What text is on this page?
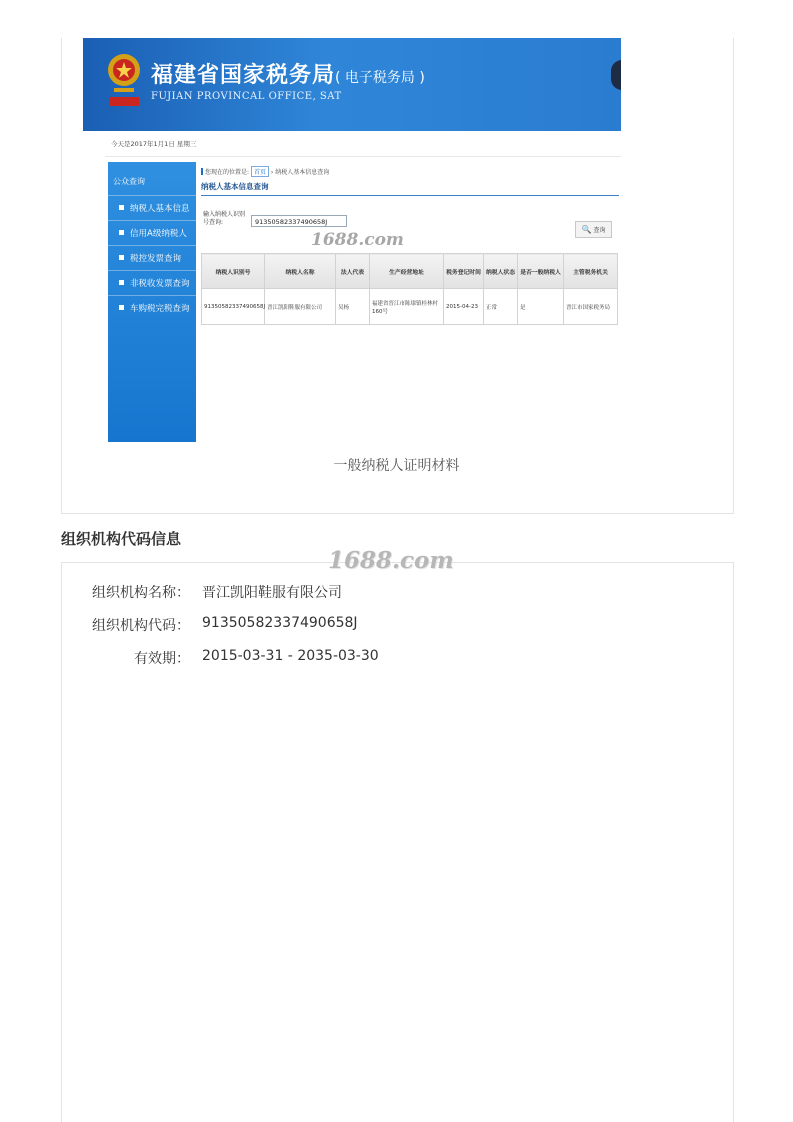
福建省国家税务局( 电子税务局 )
FUJIAN PROVINCAL OFFICE, SAT
今天是2017年1月1日 星期三
公众查询
纳税人基本信息
信用A级纳税人
税控发票查询
非税收发票查询
车购税完税查询
您现在的位置是: 首页 › 纳税人基本信息查询
纳税人基本信息查询
输入纳税人识别号查询:	91350582337490658J
🔍 查询
纳税人识别号	纳税人名称	法人代表	生产经营地址	税务登记时间	纳税人状态	是否一般纳税人	主管税务机关
91350582337490658J	晋江凯阳鞋服有限公司	吴杨	福建省晋江市陈埭镇桂林村160号	2015-04-23	正常	是	晋江市国家税务局
1688.com
一般纳税人证明材料
组织机构代码信息
1688.com
组织机构名称： 晋江凯阳鞋服有限公司
组织机构代码： 91350582337490658J
有效期： 2015-03-31 - 2035-03-30
